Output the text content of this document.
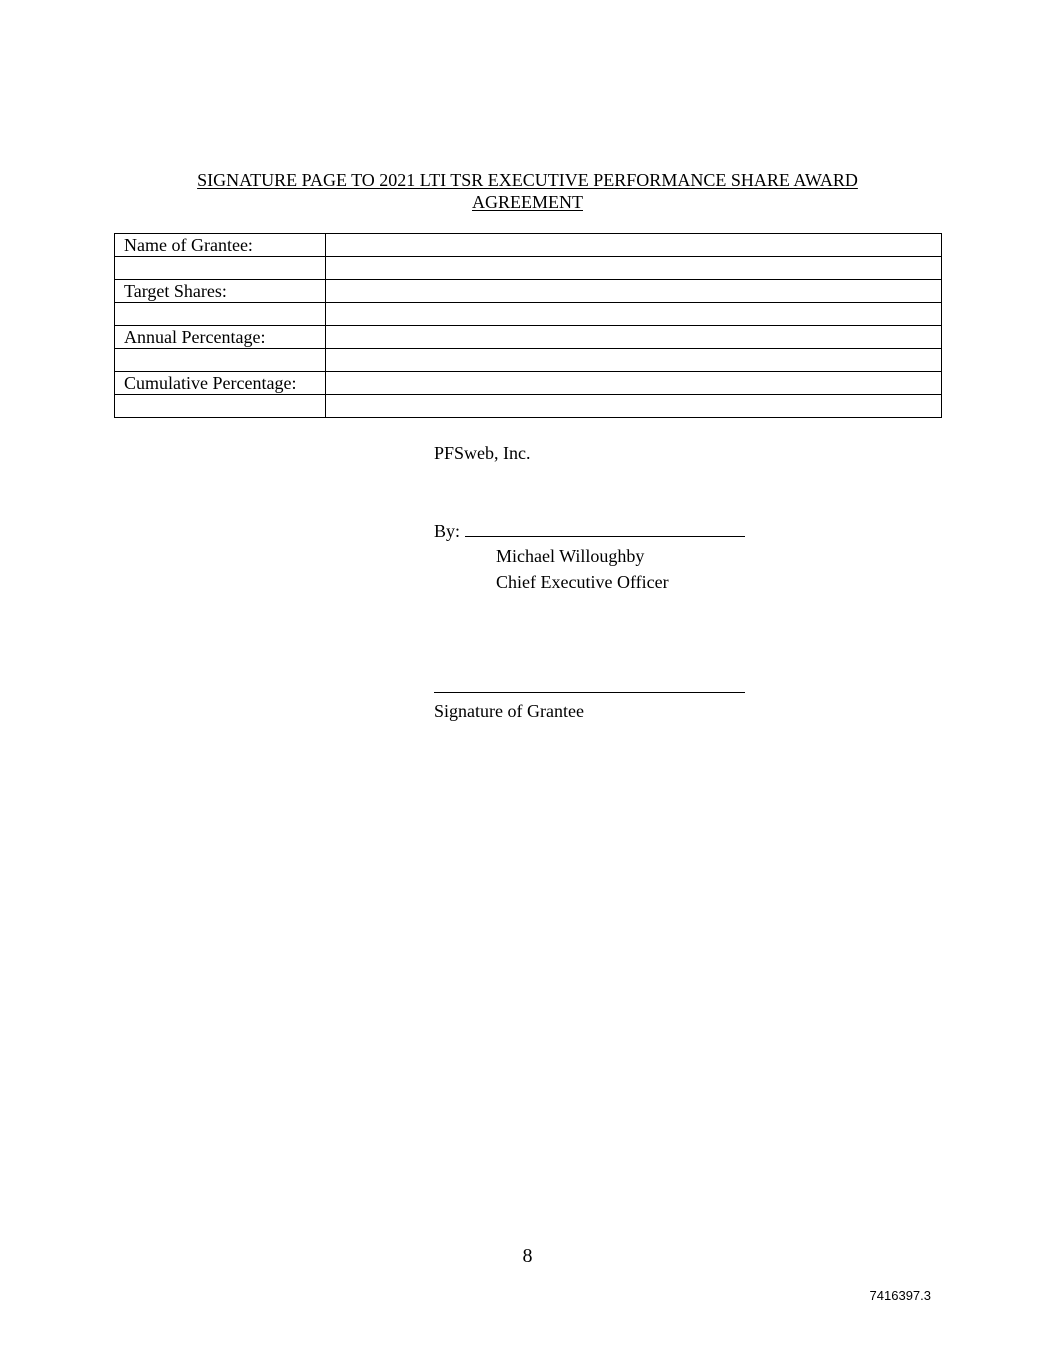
SIGNATURE PAGE TO 2021 LTI TSR EXECUTIVE PERFORMANCE SHARE AWARD
AGREEMENT
Name of Grantee:	

Target Shares:	

Annual Percentage:	

Cumulative Percentage:	

PFSweb, Inc.
By:
Michael Willoughby
Chief Executive Officer
Signature of Grantee
8
7416397.3
